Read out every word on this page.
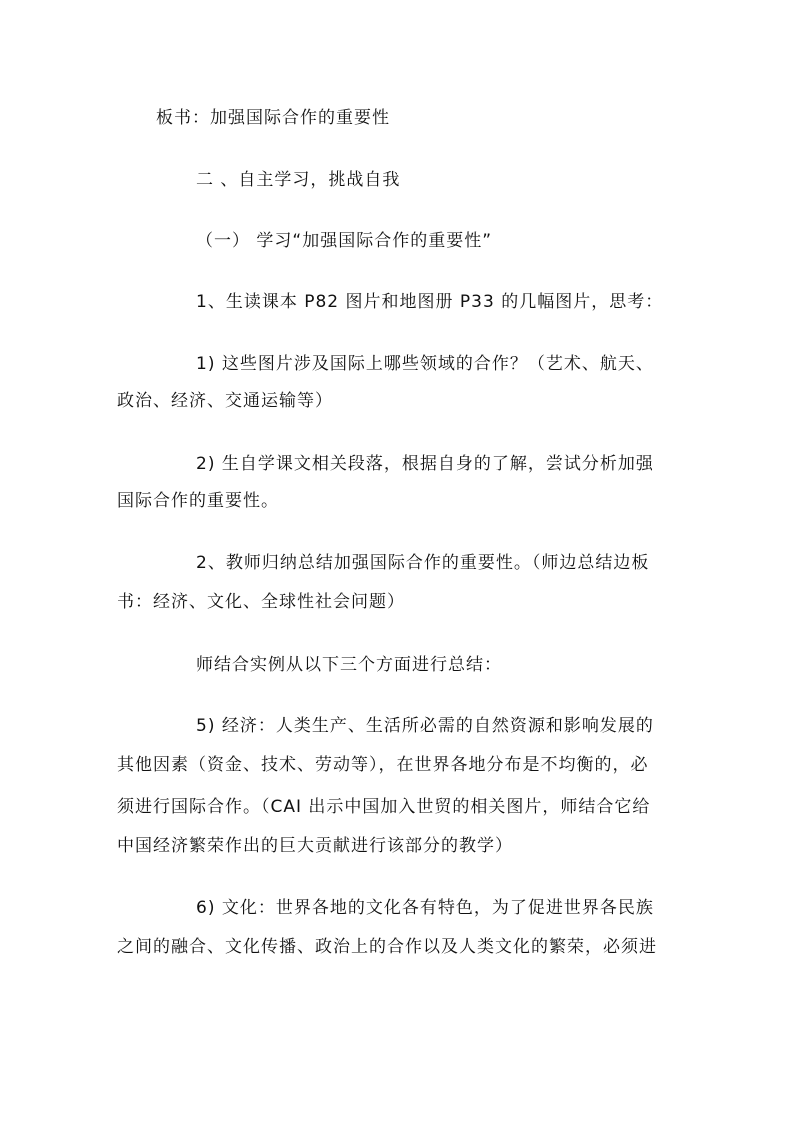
板书：加强国际合作的重要性
二 、自主学习，挑战自我
（一） 学习“加强国际合作的重要性”
1、生读课本 P82 图片和地图册 P33 的几幅图片，思考：
1) 这些图片涉及国际上哪些领域的合作？（艺术、航天、
政治、经济、交通运输等）
2) 生自学课文相关段落，根据自身的了解，尝试分析加强
国际合作的重要性。
2、教师归纳总结加强国际合作的重要性。（师边总结边板
书：经济、文化、全球性社会问题）
师结合实例从以下三个方面进行总结：
5) 经济：人类生产、生活所必需的自然资源和影响发展的
其他因素（资金、技术、劳动等），在世界各地分布是不均衡的，必
须进行国际合作。（CAI 出示中国加入世贸的相关图片，师结合它给
中国经济繁荣作出的巨大贡献进行该部分的教学）
6) 文化：世界各地的文化各有特色，为了促进世界各民族
之间的融合、文化传播、政治上的合作以及人类文化的繁荣，必须进
